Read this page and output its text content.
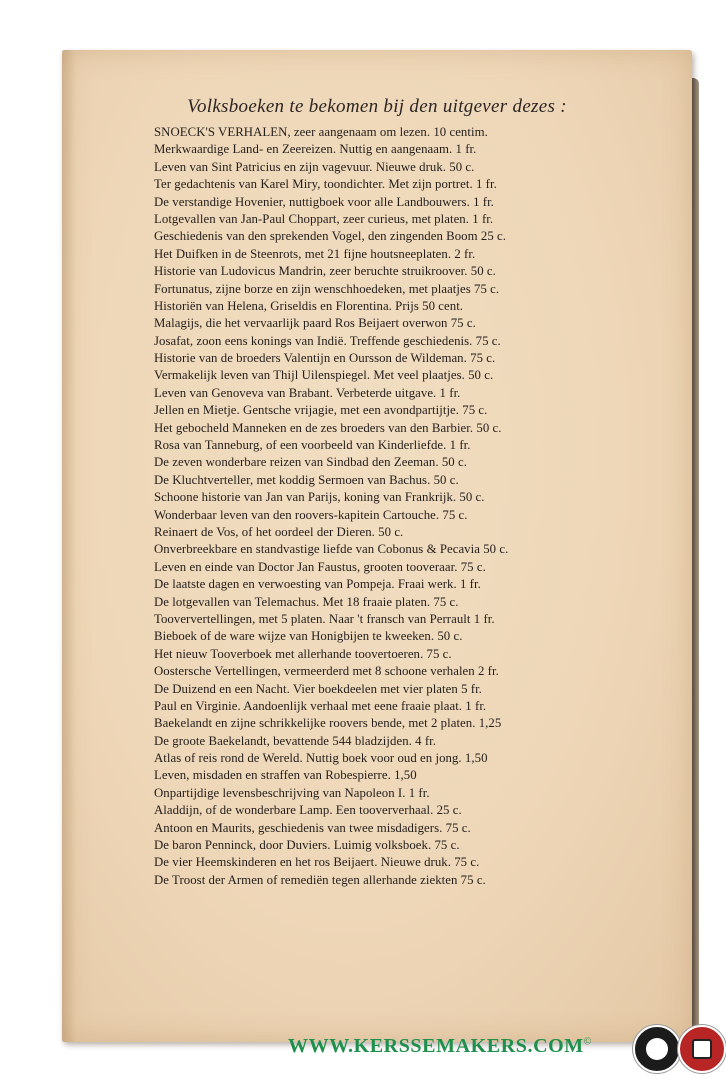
Volksboeken te bekomen bij den uitgever dezes :
SNOECK'S VERHALEN, zeer aangenaam om lezen. 10 centim.
Merkwaardige Land- en Zeereizen. Nuttig en aangenaam. 1 fr.
Leven van Sint Patricius en zijn vagevuur. Nieuwe druk. 50 c.
Ter gedachtenis van Karel Miry, toondichter. Met zijn portret. 1 fr.
De verstandige Hovenier, nuttigboek voor alle Landbouwers. 1 fr.
Lotgevallen van Jan-Paul Choppart, zeer curieus, met platen. 1 fr.
Geschiedenis van den sprekenden Vogel, den zingenden Boom 25 c.
Het Duifken in de Steenrots, met 21 fijne houtsneeplaten. 2 fr.
Historie van Ludovicus Mandrin, zeer beruchte struikroover. 50 c.
Fortunatus, zijne borze en zijn wenschhoedeken, met plaatjes 75 c.
Historiën van Helena, Griseldis en Florentina. Prijs 50 cent.
Malagijs, die het vervaarlijk paard Ros Beijaert overwon 75 c.
Josafat, zoon eens konings van Indië. Treffende geschiedenis. 75 c.
Historie van de broeders Valentijn en Oursson de Wildeman. 75 c.
Vermakelijk leven van Thijl Uilenspiegel. Met veel plaatjes. 50 c.
Leven van Genoveva van Brabant. Verbeterde uitgave. 1 fr.
Jellen en Mietje. Gentsche vrijagie, met een avondpartijtje. 75 c.
Het gebocheld Manneken en de zes broeders van den Barbier. 50 c.
Rosa van Tanneburg, of een voorbeeld van Kinderliefde. 1 fr.
De zeven wonderbare reizen van Sindbad den Zeeman. 50 c.
De Kluchtverteller, met koddig Sermoen van Bachus. 50 c.
Schoone historie van Jan van Parijs, koning van Frankrijk. 50 c.
Wonderbaar leven van den roovers-kapitein Cartouche. 75 c.
Reinaert de Vos, of het oordeel der Dieren. 50 c.
Onverbreekbare en standvastige liefde van Cobonus & Pecavia 50 c.
Leven en einde van Doctor Jan Faustus, grooten tooveraar. 75 c.
De laatste dagen en verwoesting van Pompeja. Fraai werk. 1 fr.
De lotgevallen van Telemachus. Met 18 fraaie platen. 75 c.
Tooververtellingen, met 5 platen. Naar 't fransch van Perrault 1 fr.
Bieboek of de ware wijze van Honigbijen te kweeken. 50 c.
Het nieuw Tooverboek met allerhande toovertoeren. 75 c.
Oostersche Vertellingen, vermeerderd met 8 schoone verhalen 2 fr.
De Duizend en een Nacht. Vier boekdeelen met vier platen 5 fr.
Paul en Virginie. Aandoenlijk verhaal met eene fraaie plaat. 1 fr.
Baekelandt en zijne schrikkelijke roovers bende, met 2 platen. 1,25
De groote Baekelandt, bevattende 544 bladzijden. 4 fr.
Atlas of reis rond de Wereld. Nuttig boek voor oud en jong. 1,50
Leven, misdaden en straffen van Robespierre. 1,50
Onpartijdige levensbeschrijving van Napoleon I. 1 fr.
Aladdijn, of de wonderbare Lamp. Een tooververhaal. 25 c.
Antoon en Maurits, geschiedenis van twee misdadigers. 75 c.
De baron Penninck, door Duviers. Luimig volksboek. 75 c.
De vier Heemskinderen en het ros Beijaert. Nieuwe druk. 75 c.
De Troost der Armen of remediën tegen allerhande ziekten 75 c.
WWW.KERSSEMAKERS.COM©
